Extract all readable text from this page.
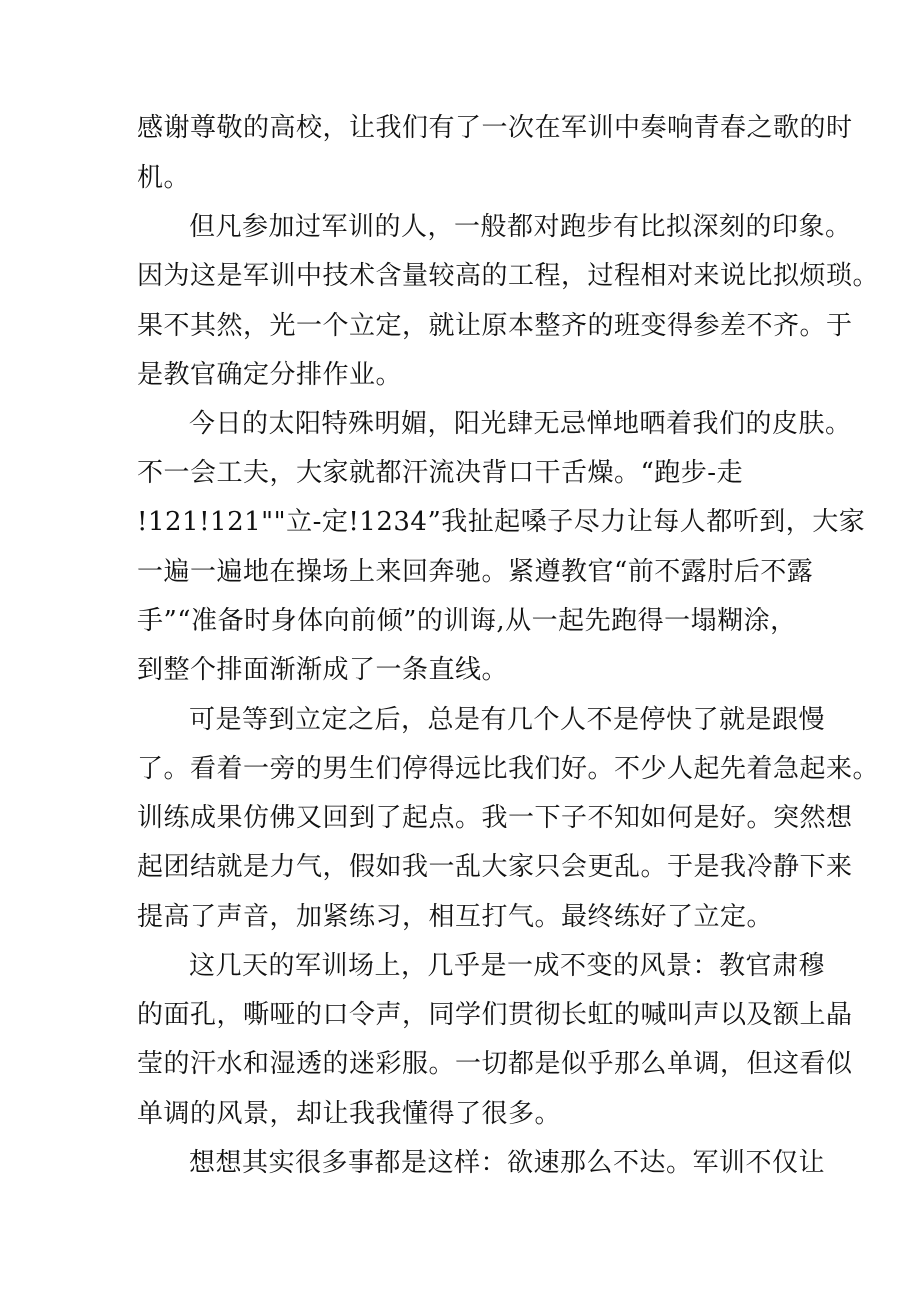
感谢尊敬的高校，让我们有了一次在军训中奏响青春之歌的时
机。
但凡参加过军训的人，一般都对跑步有比拟深刻的印象。
因为这是军训中技术含量较高的工程，过程相对来说比拟烦琐。
果不其然，光一个立定，就让原本整齐的班变得参差不齐。于
是教官确定分排作业。
今日的太阳特殊明媚，阳光肆无忌惮地晒着我们的皮肤。
不一会工夫，大家就都汗流决背口干舌燥。“跑步-走
!121!121""立-定!1234”我扯起嗓子尽力让每人都听到，大家
一遍一遍地在操场上来回奔驰。紧遵教官“前不露肘后不露
手”“准备时身体向前倾”的训诲,从一起先跑得一塌糊涂，
到整个排面渐渐成了一条直线。
可是等到立定之后，总是有几个人不是停快了就是跟慢
了。看着一旁的男生们停得远比我们好。不少人起先着急起来。
训练成果仿佛又回到了起点。我一下子不知如何是好。突然想
起团结就是力气，假如我一乱大家只会更乱。于是我冷静下来
提高了声音，加紧练习，相互打气。最终练好了立定。
这几天的军训场上，几乎是一成不变的风景：教官肃穆
的面孔，嘶哑的口令声，同学们贯彻长虹的喊叫声以及额上晶
莹的汗水和湿透的迷彩服。一切都是似乎那么单调，但这看似
单调的风景，却让我我懂得了很多。
想想其实很多事都是这样：欲速那么不达。军训不仅让
